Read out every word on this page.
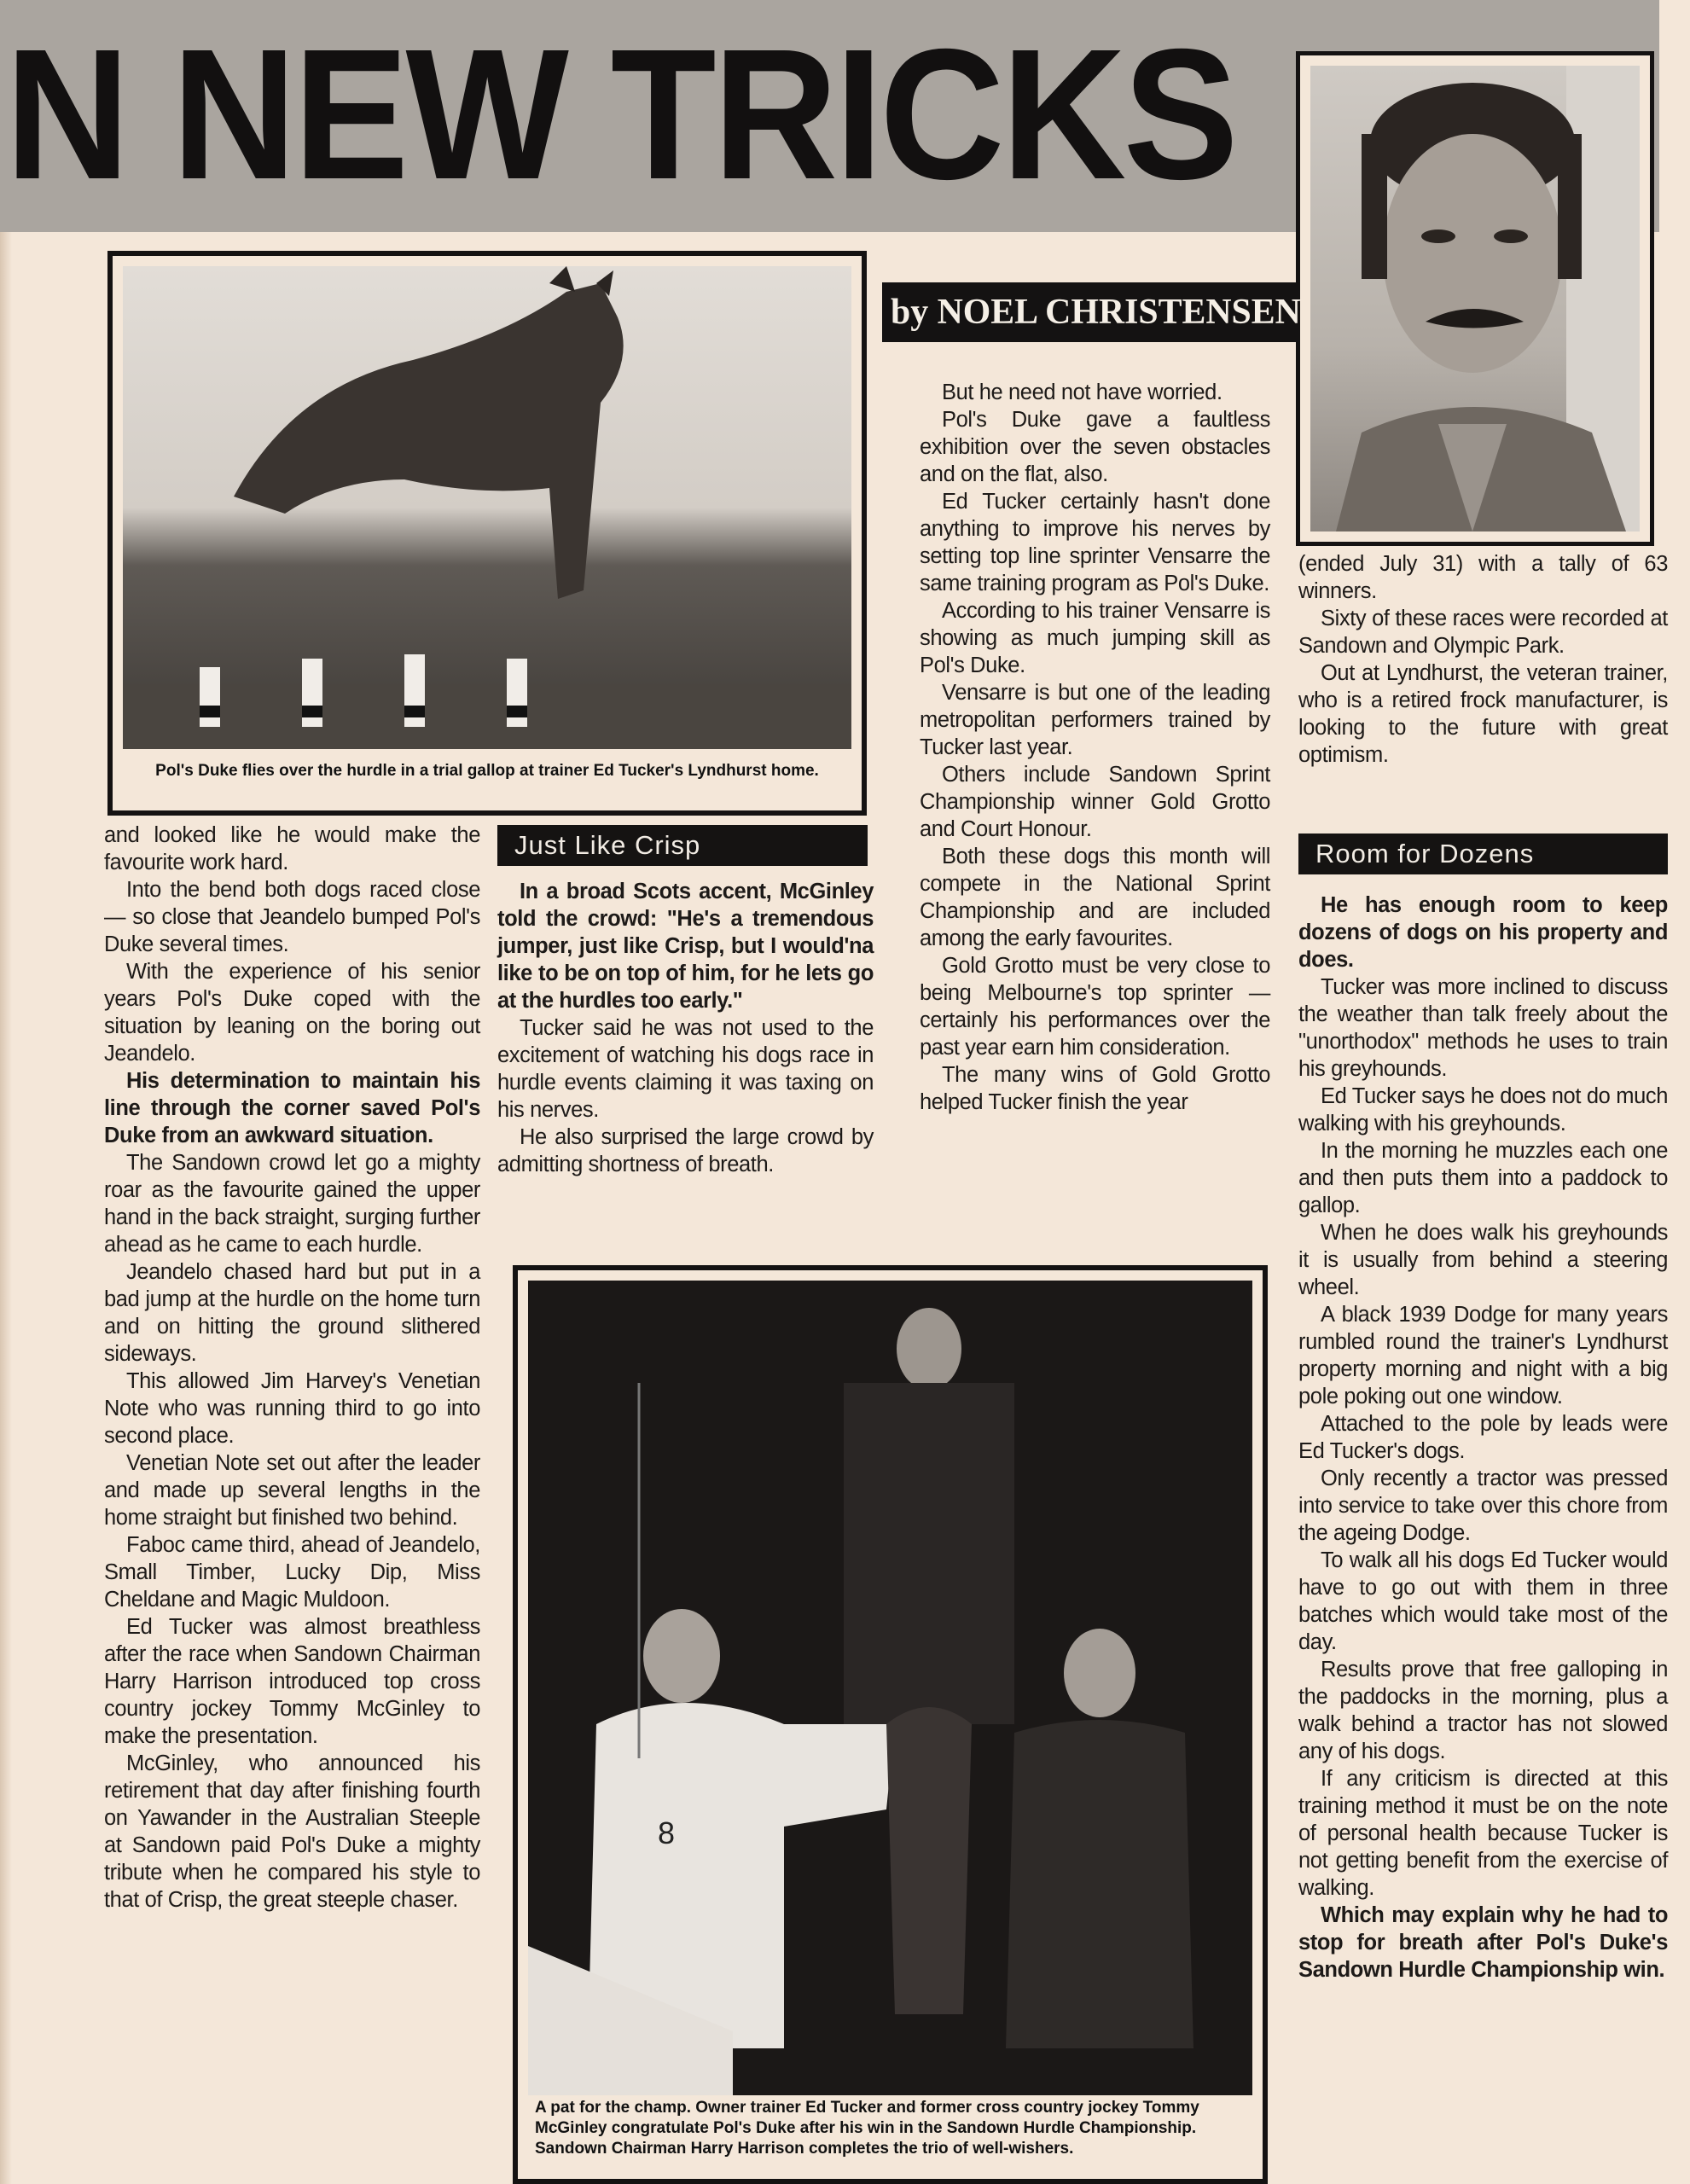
N NEW TRICKS
Pol's Duke flies over the hurdle in a trial gallop at trainer Ed Tucker's Lyndhurst home.
by NOEL CHRISTENSEN

and looked like he would make the favourite work hard.

Into the bend both dogs raced close — so close that Jeandelo bumped Pol's Duke several times.

With the experience of his senior years Pol's Duke coped with the situation by leaning on the boring out Jeandelo.

His determination to maintain his line through the corner saved Pol's Duke from an awkward situation.

The Sandown crowd let go a mighty roar as the favourite gained the upper hand in the back straight, surging further ahead as he came to each hurdle.

Jeandelo chased hard but put in a bad jump at the hurdle on the home turn and on hitting the ground slithered sideways.

This allowed Jim Harvey's Venetian Note who was running third to go into second place.

Venetian Note set out after the leader and made up several lengths in the home straight but finished two behind.

Faboc came third, ahead of Jeandelo, Small Timber, Lucky Dip, Miss Cheldane and Magic Muldoon.

Ed Tucker was almost breathless after the race when Sandown Chairman Harry Harrison introduced top cross country jockey Tommy McGinley to make the presentation.

McGinley, who announced his retirement that day after finishing fourth on Yawander in the Australian Steeple at Sandown paid Pol's Duke a mighty tribute when he compared his style to that of Crisp, the great steeple chaser.

Just Like Crisp

In a broad Scots accent, McGinley told the crowd: "He's a tremendous jumper, just like Crisp, but I would'na like to be on top of him, for he lets go at the hurdles too early."

Tucker said he was not used to the excitement of watching his dogs race in hurdle events claiming it was taxing on his nerves.

He also surprised the large crowd by admitting shortness of breath.

But he need not have worried.

Pol's Duke gave a faultless exhibition over the seven obstacles and on the flat, also.

Ed Tucker certainly hasn't done anything to improve his nerves by setting top line sprinter Vensarre the same training program as Pol's Duke.

According to his trainer Vensarre is showing as much jumping skill as Pol's Duke.

Vensarre is but one of the leading metropolitan performers trained by Tucker last year.

Others include Sandown Sprint Championship winner Gold Grotto and Court Honour.

Both these dogs this month will compete in the National Sprint Championship and are included among the early favourites.

Gold Grotto must be very close to being Melbourne's top sprinter — certainly his performances over the past year earn him consideration.

The many wins of Gold Grotto helped Tucker finish the year

8
A pat for the champ. Owner trainer Ed Tucker and former cross country jockey Tommy McGinley congratulate Pol's Duke after his win in the Sandown Hurdle Championship. Sandown Chairman Harry Harrison completes the trio of well-wishers.

(ended July 31) with a tally of 63 winners.

Sixty of these races were recorded at Sandown and Olympic Park.

Out at Lyndhurst, the veteran trainer, who is a retired frock manufacturer, is looking to the future with great optimism.

Room for Dozens

He has enough room to keep dozens of dogs on his property and does.

Tucker was more inclined to discuss the weather than talk freely about the "unorthodox" methods he uses to train his greyhounds.

Ed Tucker says he does not do much walking with his greyhounds.

In the morning he muzzles each one and then puts them into a paddock to gallop.

When he does walk his greyhounds it is usually from behind a steering wheel.

A black 1939 Dodge for many years rumbled round the trainer's Lyndhurst property morning and night with a big pole poking out one window.

Attached to the pole by leads were Ed Tucker's dogs.

Only recently a tractor was pressed into service to take over this chore from the ageing Dodge.

To walk all his dogs Ed Tucker would have to go out with them in three batches which would take most of the day.

Results prove that free galloping in the paddocks in the morning, plus a walk behind a tractor has not slowed any of his dogs.

If any criticism is directed at this training method it must be on the note of personal health because Tucker is not getting benefit from the exercise of walking.

Which may explain why he had to stop for breath after Pol's Duke's Sandown Hurdle Championship win.
